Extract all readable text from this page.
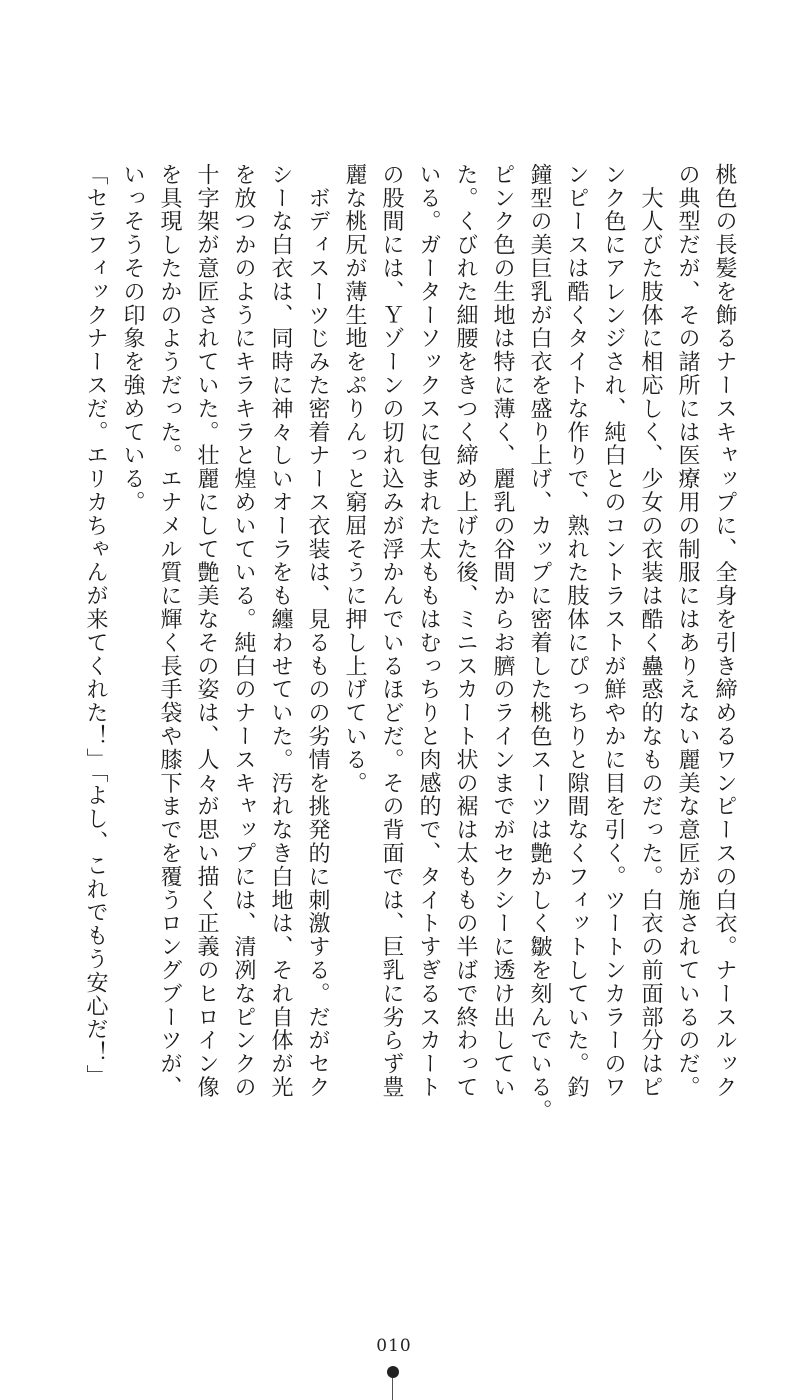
桃色の長髪を飾るナースキャップに、全身を引き締めるワンピースの白衣。ナースルック

の典型だが、その諸所には医療用の制服にはありえない麗美な意匠が施されているのだ。

　大人びた肢体に相応しく、少女の衣装は酷く蠱惑的なものだった。白衣の前面部分はピ

ンク色にアレンジされ、純白とのコントラストが鮮やかに目を引く。ツートンカラーのワ

ンピースは酷くタイトな作りで、熟れた肢体にぴっちりと隙間なくフィットしていた。釣

鐘型の美巨乳が白衣を盛り上げ、カップに密着した桃色スーツは艶かしく皺を刻んでいる。

ピンク色の生地は特に薄く、麗乳の谷間からお臍のラインまでがセクシーに透け出してい

た。くびれた細腰をきつく締め上げた後、ミニスカート状の裾は太ももの半ばで終わって

いる。ガーターソックスに包まれた太ももはむっちりと肉感的で、タイトすぎるスカート

の股間には、Ｙゾーンの切れ込みが浮かんでいるほどだ。その背面では、巨乳に劣らず豊

麗な桃尻が薄生地をぷりんっと窮屈そうに押し上げている。

　ボディスーツじみた密着ナース衣装は、見るものの劣情を挑発的に刺激する。だがセク

シーな白衣は、同時に神々しいオーラをも纏わせていた。汚れなき白地は、それ自体が光

を放つかのようにキラキラと煌めいている。純白のナースキャップには、清冽なピンクの

十字架が意匠されていた。壮麗にして艶美なその姿は、人々が思い描く正義のヒロイン像

を具現したかのようだった。エナメル質に輝く長手袋や膝下までを覆うロングブーツが、

いっそうその印象を強めている。

「セラフィックナースだ。エリカちゃんが来てくれた！」「よし、これでもう安心だ！」

010
